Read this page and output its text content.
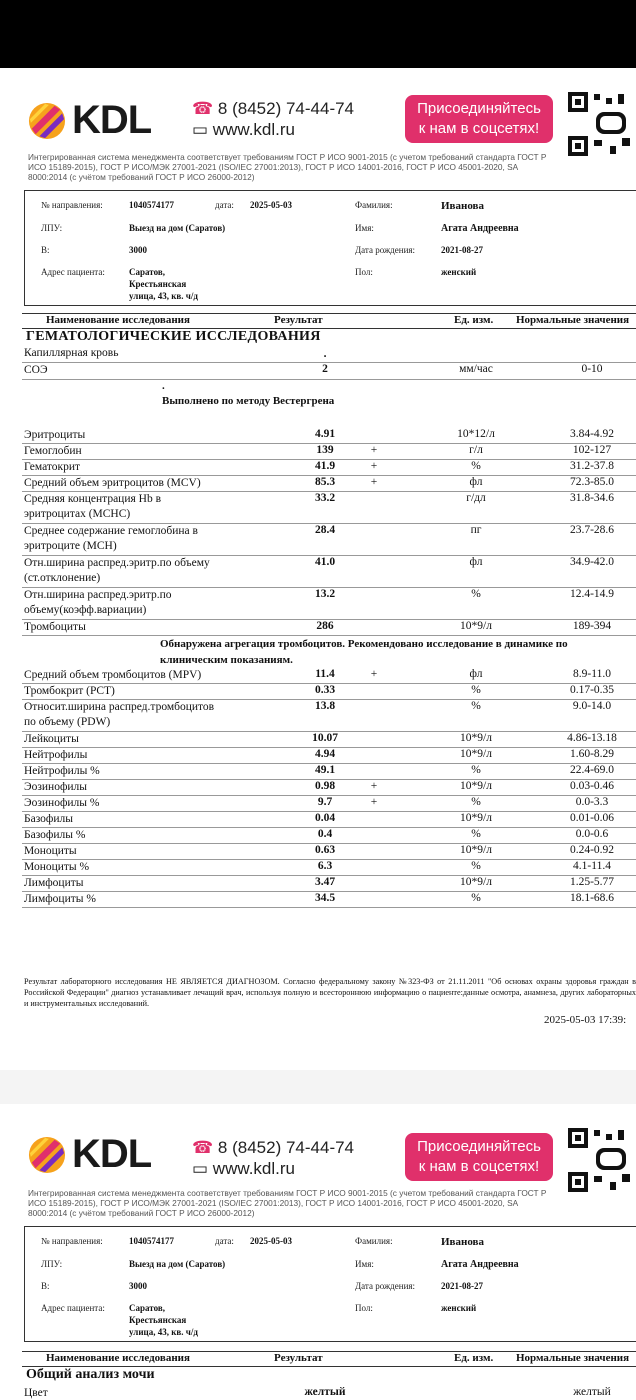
KDL ☎ 8 (8452) 74-44-74
▭ www.kdl.ru
Присоединяйтесь
к нам в соцсетях!
Интегрированная система менеджмента соответствует требованиям ГОСТ Р ИСО 9001-2015 (с учетом требований стандарта ГОСТ Р ИСО 15189-2015), ГОСТ Р ИСО/МЭК 27001-2021 (ISO/IEC 27001:2013), ГОСТ Р ИСО 14001-2016, ГОСТ Р ИСО 45001-2020, SA 8000:2014 (с учётом требований ГОСТ Р ИСО 26000-2012)
№ направления:	1040574177	дата: 2025-05-03
ЛПУ:	Выезд на дом (Саратов)
В:	3000
Адрес пациента:	Саратов,
Крестьянская
улица, 43, кв. ч/д
Фамилия:	Иванова
Имя:	Агата Андреевна
Дата рождения:	2021-08-27
Пол:	женский
Наименование исследования	Результат	Ед. изм. Нормальные значения
ГЕМАТОЛОГИЧЕСКИЕ ИССЛЕДОВАНИЯ
Капиллярная кровь	.
СОЭ	2	мм/час	0-10
.
Выполнено по методу Вестергрена
Эритроциты	4.91	10*12/л	3.84-4.92
Гемоглобин	139	+	г/л	102-127
Гематокрит	41.9	+	%	31.2-37.8
Средний объем эритроцитов (MCV)	85.3	+	фл	72.3-85.0
Средняя концентрация Hb в эритроцитах (MCHC)
33.2	г/дл	31.8-34.6
Среднее содержание гемоглобина в эритроците (MCH)
28.4	пг	23.7-28.6
Отн.ширина распред.эритр.по объему (ст.отклонение)
41.0	фл	34.9-42.0
Отн.ширина распред.эритр.по объему(коэфф.вариации)
13.2	%	12.4-14.9
Тромбоциты	286	10*9/л	189-394
Обнаружена агрегация тромбоцитов. Рекомендовано исследование в динамике по клиническим показаниям.
Средний объем тромбоцитов (MPV)	11.4	+	фл	8.9-11.0
Тромбокрит (PCT)	0.33	%	0.17-0.35
Относит.ширина распред.тромбоцитов по объему (PDW)
13.8	%	9.0-14.0
Лейкоциты	10.07	10*9/л	4.86-13.18
Нейтрофилы	4.94	10*9/л	1.60-8.29
Нейтрофилы %	49.1	%	22.4-69.0
Эозинофилы	0.98	+	10*9/л	0.03-0.46
Эозинофилы %	9.7	+	%	0.0-3.3
Базофилы	0.04	10*9/л	0.01-0.06
Базофилы %	0.4	%	0.0-0.6
Моноциты	0.63	10*9/л	0.24-0.92
Моноциты %	6.3	%	4.1-11.4
Лимфоциты	3.47	10*9/л	1.25-5.77
Лимфоциты %	34.5	%	18.1-68.6
Результат лабораторного исследования НЕ ЯВЛЯЕТСЯ ДИАГНОЗОМ. Согласно федеральному закону №323-ФЗ от 21.11.2011 "Об основах охраны здоровья граждан в Российской Федерации" диагноз устанавливает лечащий врач, используя полную и всестороннюю информацию о пациенте:данные осмотра, анамнеза, других лабораторных и инструментальных исследований.
2025-05-03 17:39:
KDL ☎ 8 (8452) 74-44-74
▭ www.kdl.ru
Присоединяйтесь
к нам в соцсетях!
Интегрированная система менеджмента соответствует требованиям ГОСТ Р ИСО 9001-2015 (с учетом требований стандарта ГОСТ Р ИСО 15189-2015), ГОСТ Р ИСО/МЭК 27001-2021 (ISO/IEC 27001:2013), ГОСТ Р ИСО 14001-2016, ГОСТ Р ИСО 45001-2020, SA 8000:2014 (с учётом требований ГОСТ Р ИСО 26000-2012)
№ направления:	1040574177	дата: 2025-05-03
ЛПУ:	Выезд на дом (Саратов)
В:	3000
Адрес пациента:	Саратов,
Крестьянская
улица, 43, кв. ч/д
Фамилия:	Иванова
Имя:	Агата Андреевна
Дата рождения:	2021-08-27
Пол:	женский
Наименование исследования	Результат	Ед. изм. Нормальные значения
Общий анализ мочи
Цвет	желтый	желтый
